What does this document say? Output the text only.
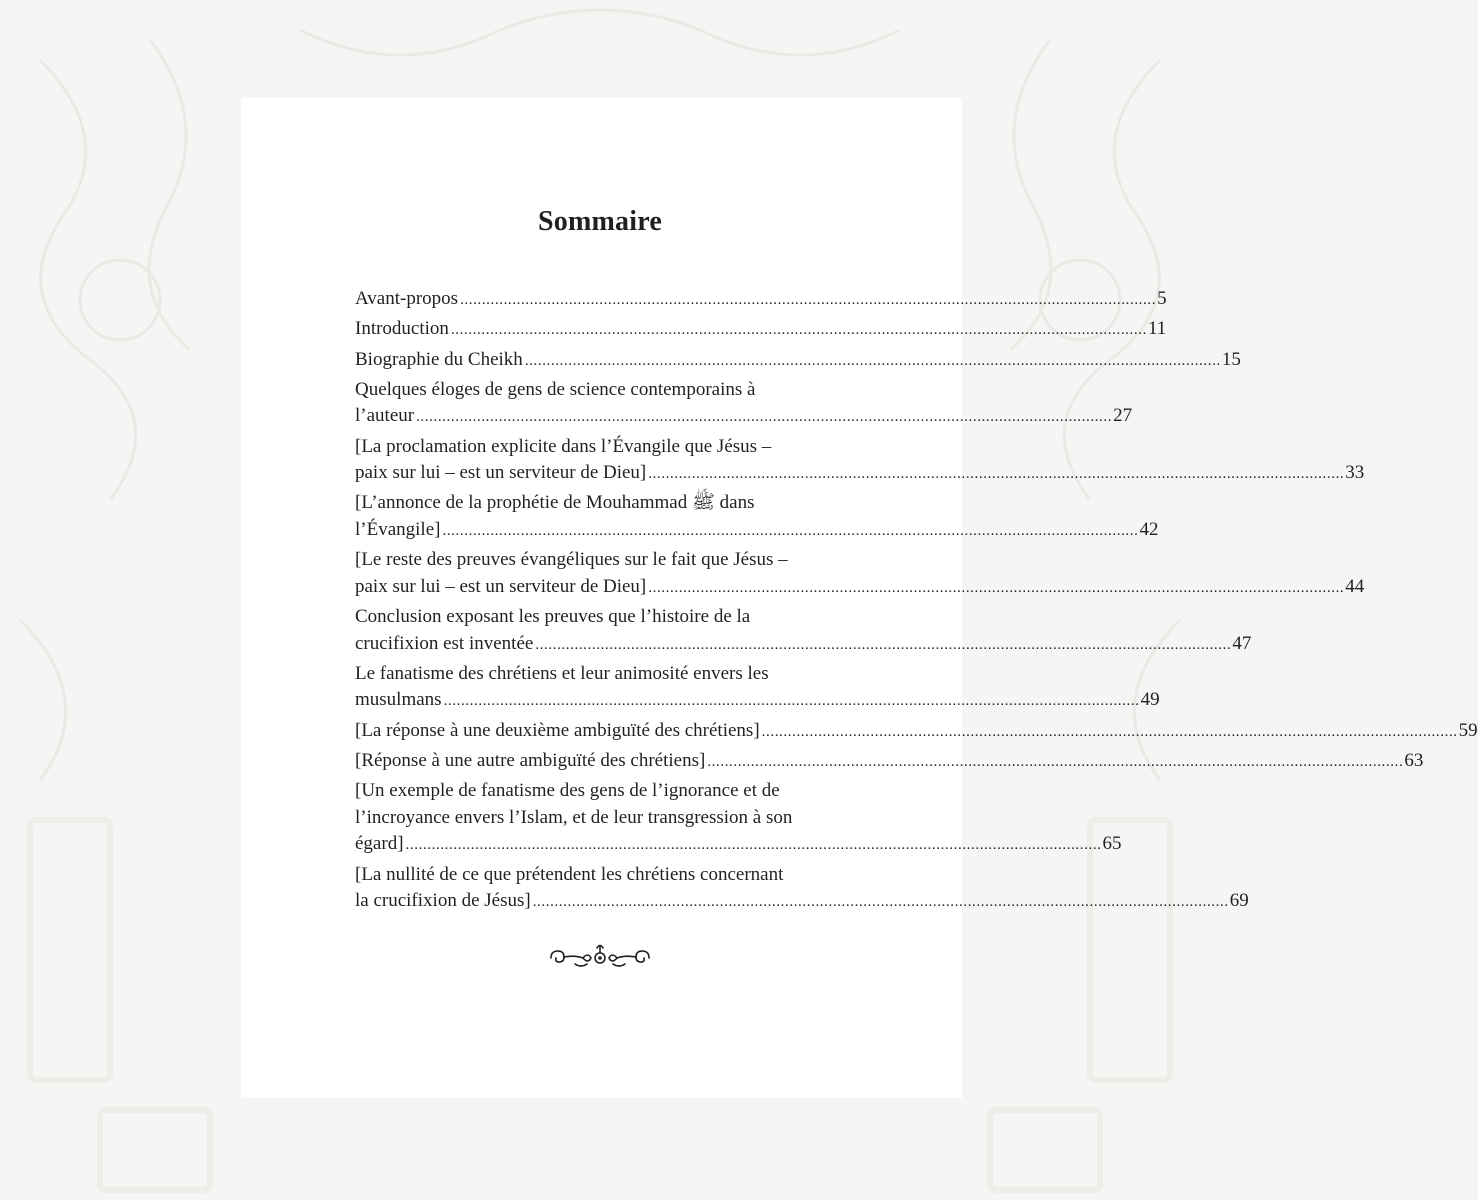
Sommaire
Avant-propos ................................................................................................................................................................ 5
Introduction ................................................................................................................................................................ 11
Biographie du Cheikh ................................................................................................................................................................ 15
Quelques éloges de gens de science contemporains à
l’auteur ................................................................................................................................................................ 27
[La proclamation explicite dans l’Évangile que Jésus –
paix sur lui – est un serviteur de Dieu] ................................................................................................................................................................ 33
[L’annonce de la prophétie de Mouhammad ﷺ dans
l’Évangile] ................................................................................................................................................................ 42
[Le reste des preuves évangéliques sur le fait que Jésus –
paix sur lui – est un serviteur de Dieu] ................................................................................................................................................................ 44
Conclusion exposant les preuves que l’histoire de la
crucifixion est inventée ................................................................................................................................................................ 47
Le fanatisme des chrétiens et leur animosité envers les
musulmans ................................................................................................................................................................ 49
[La réponse à une deuxième ambiguïté des chrétiens] ................................................................................................................................................................ 59
[Réponse à une autre ambiguïté des chrétiens] ................................................................................................................................................................ 63
[Un exemple de fanatisme des gens de l’ignorance et de
l’incroyance envers l’Islam, et de leur transgression à son
égard] ................................................................................................................................................................ 65
[La nullité de ce que prétendent les chrétiens concernant
la crucifixion de Jésus] ................................................................................................................................................................ 69
